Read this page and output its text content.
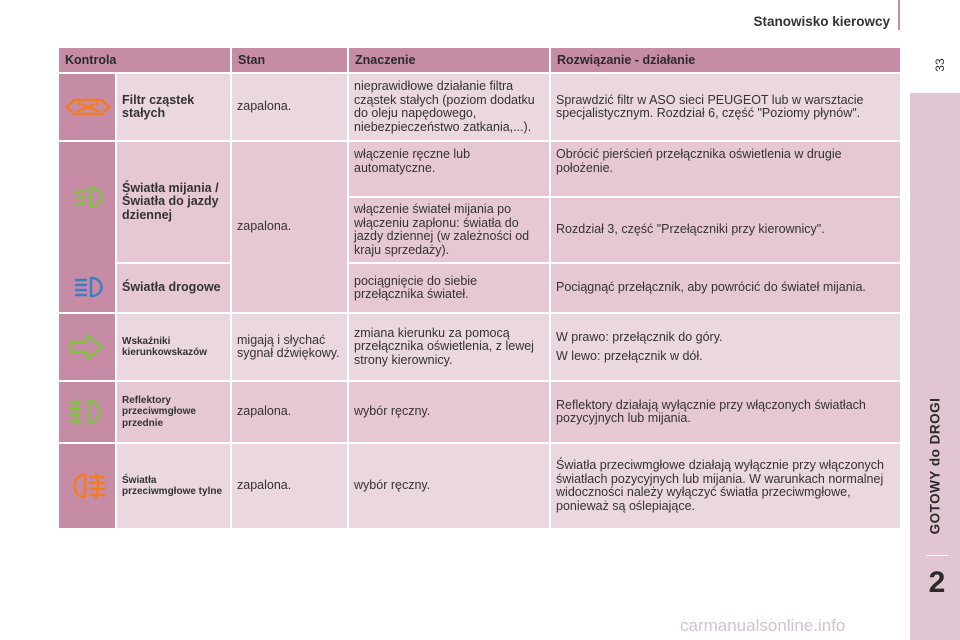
Stanowisko kierowcy
33
GOTOWY do DROGI
2
carmanualsonline.info
Kontrola		Stan	Znaczenie	Rozwiązanie - działanie
	Filtr cząstek stałych	zapalona.	nieprawidłowe działanie filtra cząstek stałych (poziom dodatku do oleju napędowego, niebezpieczeństwo zatkania,...).	Sprawdzić filtr w ASO sieci PEUGEOT lub w warsztacie specjalistycznym. Rozdział 6, część "Poziomy płynów".

	Światła mijania / Światła do jazdy dziennej	zapalona.	włączenie ręczne lub automatyczne.	Obrócić pierścień przełącznika oświetlenia w drugie położenie.
			włączenie świateł mijania po włączeniu zapłonu: światła do jazdy dziennej (w zależności od kraju sprzedaży).	Rozdział 3, część "Przełączniki przy kierownicy".
	Światła drogowe		pociągnięcie do siebie przełącznika świateł.	Pociągnąć przełącznik, aby powrócić do świateł mijania.
	Wskaźniki kierunkowskazów	migają i słychać sygnał dźwiękowy.	zmiana kierunku za pomocą przełącznika oświetlenia, z lewej strony kierownicy.	W prawo: przełącznik do góry.
W lewo: przełącznik w dół.

	Reflektory przeciwmgłowe przednie	zapalona.	wybór ręczny.	Reflektory działają wyłącznie przy włączonych światłach pozycyjnych lub mijania.
	Światła przeciwmgłowe tylne	zapalona.	wybór ręczny.	Światła przeciwmgłowe działają wyłącznie przy włączonych światłach pozycyjnych lub mijania. W warunkach normalnej widoczności należy wyłączyć światła przeciwmgłowe, ponieważ są oślepiające.
